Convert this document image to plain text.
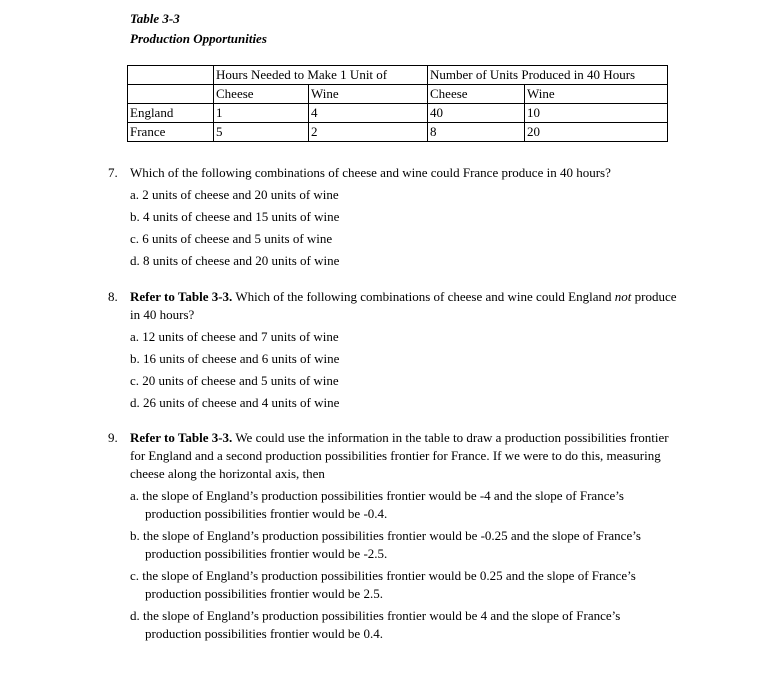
Table 3-3
Production Opportunities
	Hours Needed to Make 1 Unit of		Number of Units Produced in 40 Hours	
	Cheese	Wine	Cheese	Wine
England	1	4	40	10
France	5	2	8	20
7. Which of the following combinations of cheese and wine could France produce in 40 hours?
a. 2 units of cheese and 20 units of wine
b. 4 units of cheese and 15 units of wine
c. 6 units of cheese and 5 units of wine
d. 8 units of cheese and 20 units of wine
8. Refer to Table 3-3. Which of the following combinations of cheese and wine could England not produce in 40 hours?
a. 12 units of cheese and 7 units of wine
b. 16 units of cheese and 6 units of wine
c. 20 units of cheese and 5 units of wine
d. 26 units of cheese and 4 units of wine
9. Refer to Table 3-3. We could use the information in the table to draw a production possibilities frontier for England and a second production possibilities frontier for France. If we were to do this, measuring cheese along the horizontal axis, then
a. the slope of England’s production possibilities frontier would be -4 and the slope of France’s production possibilities frontier would be -0.4.
b. the slope of England’s production possibilities frontier would be -0.25 and the slope of France’s production possibilities frontier would be -2.5.
c. the slope of England’s production possibilities frontier would be 0.25 and the slope of France’s production possibilities frontier would be 2.5.
d. the slope of England’s production possibilities frontier would be 4 and the slope of France’s production possibilities frontier would be 0.4.
